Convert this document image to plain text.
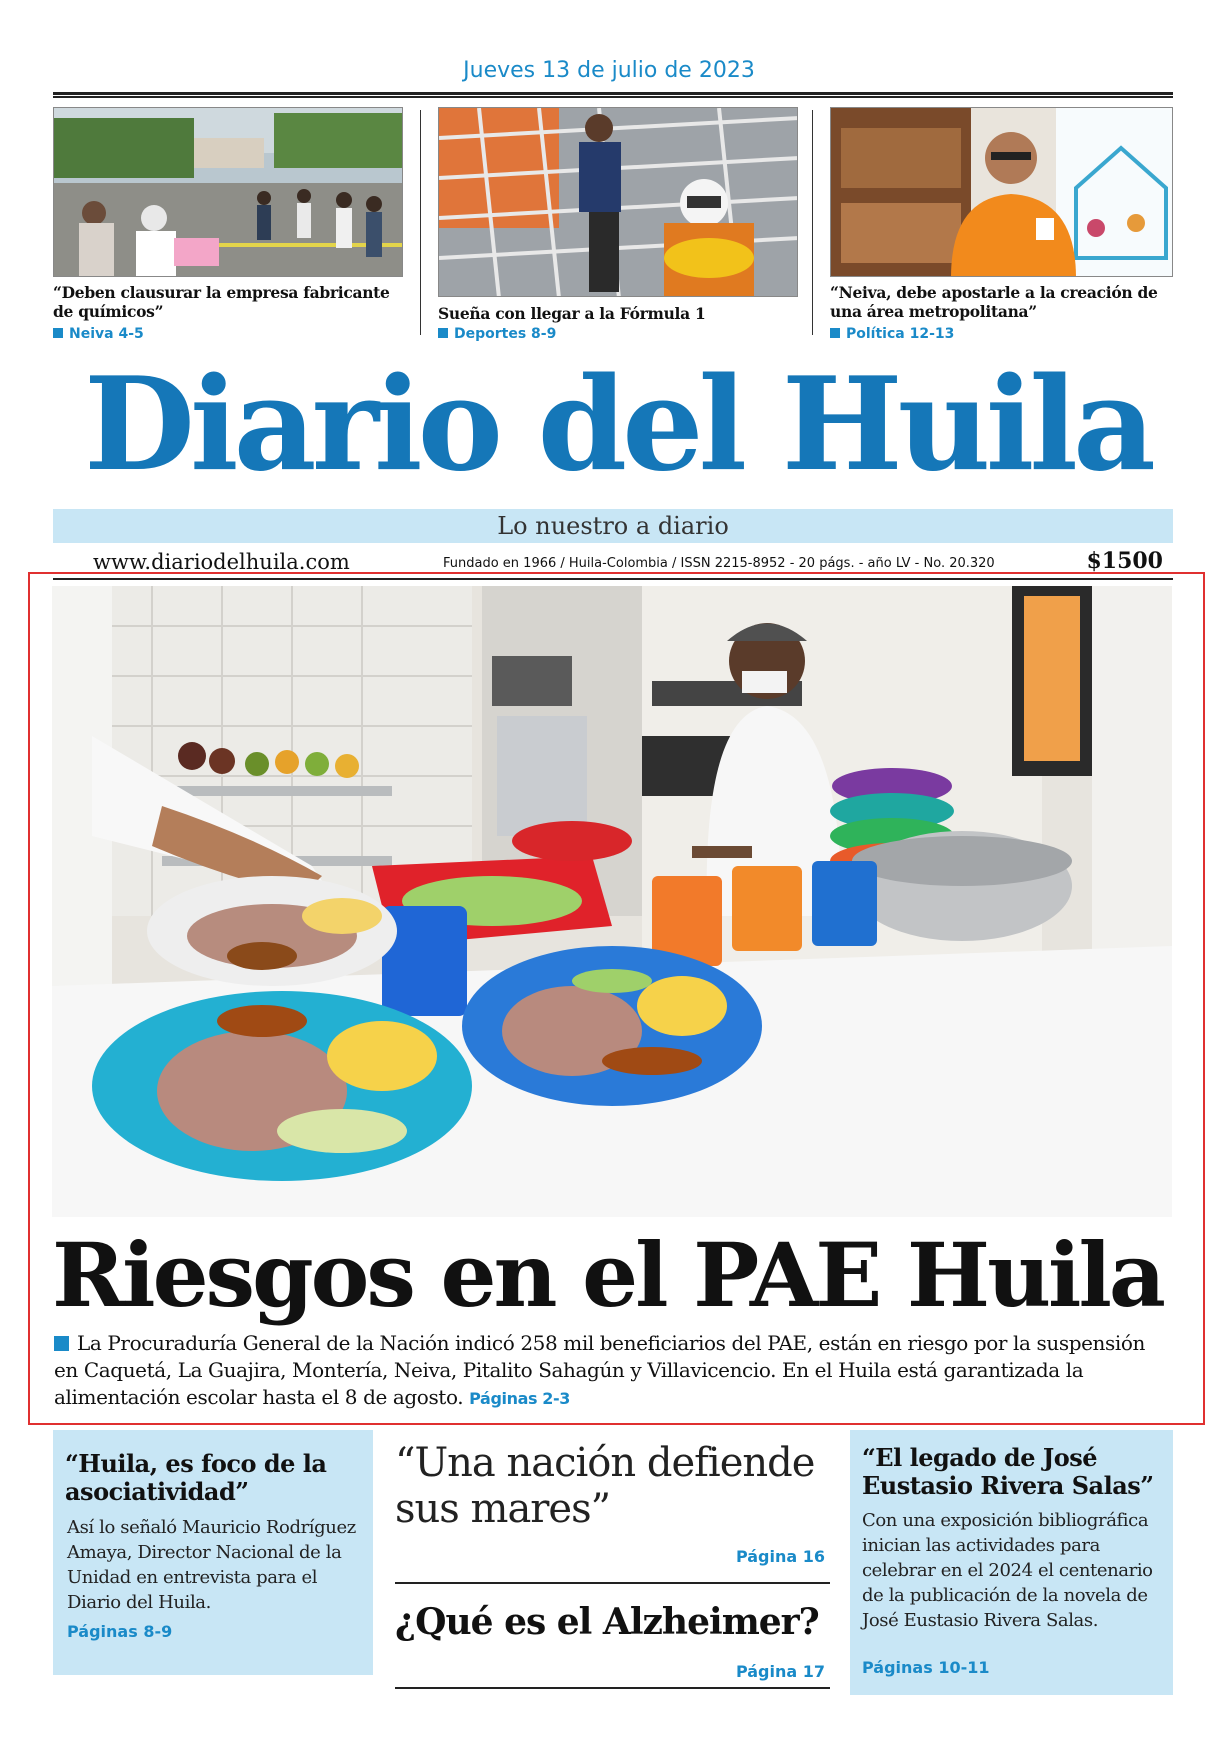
Jueves 13 de julio de 2023
“Deben clausurar la empresa fabricante de químicos”
Neiva 4-5
Sueña con llegar a la Fórmula 1
Deportes 8-9
“Neiva, debe apostarle a la creación de una área metropolitana”
Política 12-13
Diario del Huila
Lo nuestro a diario
www.diariodelhuila.com	Fundado en 1966 / Huila-Colombia / ISSN 2215-8952 - 20 págs. - año LV - No. 20.320	$1500
Riesgos en el PAE Huila
La Procuraduría General de la Nación indicó 258 mil beneficiarios del PAE, están en riesgo por la suspensión en Caquetá, La Guajira, Montería, Neiva, Pitalito Sahagún y Villavicencio. En el Huila está garantizada la alimentación escolar hasta el 8 de agosto. Páginas 2-3
“Huila, es foco de la asociatividad”
Así lo señaló Mauricio Rodríguez Amaya, Director Nacional de la Unidad en entrevista para el Diario del Huila.
Páginas 8-9
“Una nación defiende sus mares”
Página 16
¿Qué es el Alzheimer?
Página 17
“El legado de José Eustasio Rivera Salas”
Con una exposición bibliográfica inician las actividades para celebrar en el 2024 el centenario de la publicación de la novela de José Eustasio Rivera Salas.
Páginas 10-11
